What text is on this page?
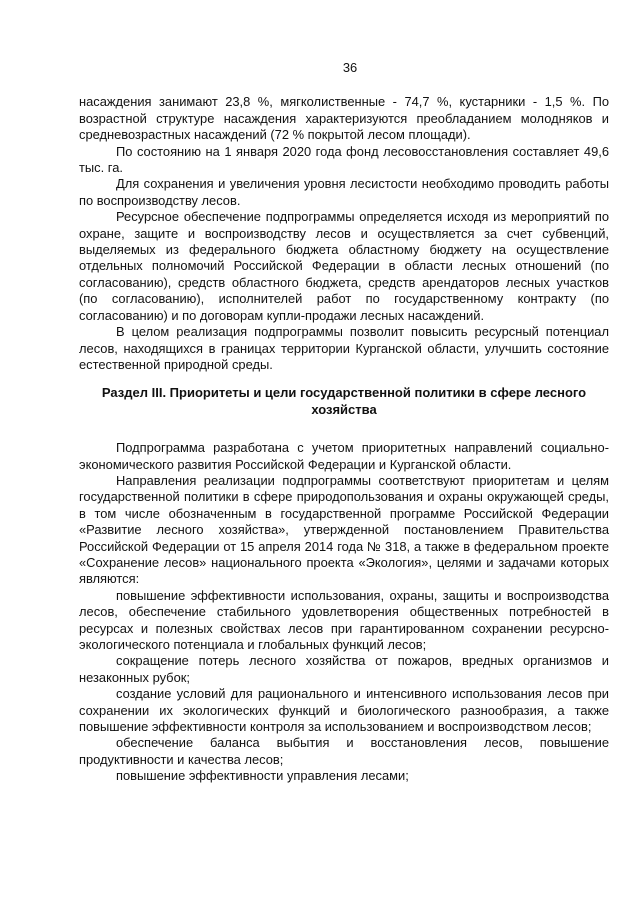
36

насаждения занимают 23,8 %, мягколиственные - 74,7 %, кустарники - 1,5 %. По возрастной структуре насаждения характеризуются преобладанием молодняков и средневозрастных насаждений (72 % покрытой лесом площади).

По состоянию на 1 января 2020 года фонд лесовосстановления составляет 49,6 тыс. га.

Для сохранения и увеличения уровня лесистости необходимо проводить работы по воспроизводству лесов.

Ресурсное обеспечение подпрограммы определяется исходя из мероприятий по охране, защите и воспроизводству лесов и осуществляется за счет субвенций, выделяемых из федерального бюджета областному бюджету на осуществление отдельных полномочий Российской Федерации в области лесных отношений (по согласованию), средств областного бюджета, средств арендаторов лесных участков (по согласованию), исполнителей работ по государственному контракту (по согласованию) и по договорам купли-продажи лесных насаждений.

В целом реализация подпрограммы позволит повысить ресурсный потенциал лесов, находящихся в границах территории Курганской области, улучшить состояние естественной природной среды.

Раздел III. Приоритеты и цели государственной политики в сфере лесного хозяйства

Подпрограмма разработана с учетом приоритетных направлений социально-экономического развития Российской Федерации и Курганской области.

Направления реализации подпрограммы соответствуют приоритетам и целям государственной политики в сфере природопользования и охраны окружающей среды, в том числе обозначенным в государственной программе Российской Федерации «Развитие лесного хозяйства», утвержденной постановлением Правительства Российской Федерации от 15 апреля 2014 года № 318, а также в федеральном проекте «Сохранение лесов» национального проекта «Экология», целями и задачами которых являются:

повышение эффективности использования, охраны, защиты и воспроизводства лесов, обеспечение стабильного удовлетворения общественных потребностей в ресурсах и полезных свойствах лесов при гарантированном сохранении ресурсно-экологического потенциала и глобальных функций лесов;

сокращение потерь лесного хозяйства от пожаров, вредных организмов и незаконных рубок;

создание условий для рационального и интенсивного использования лесов при сохранении их экологических функций и биологического разнообразия, а также повышение эффективности контроля за использованием и воспроизводством лесов;

обеспечение баланса выбытия и восстановления лесов, повышение продуктивности и качества лесов;

повышение эффективности управления лесами;
